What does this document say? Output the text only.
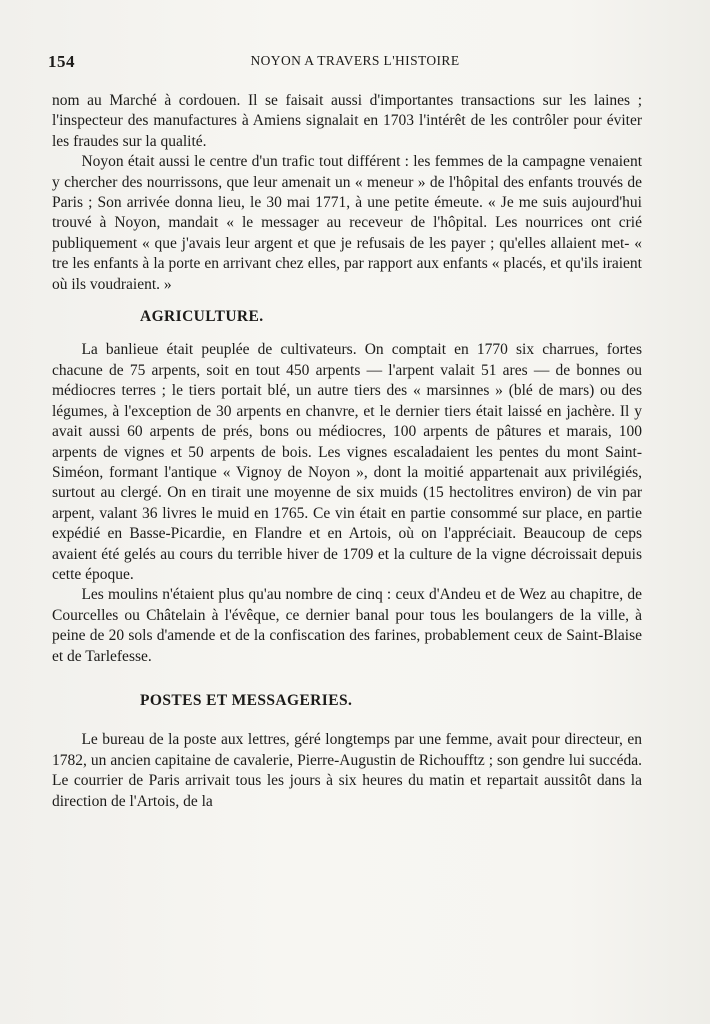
154	NOYON A TRAVERS L'HISTOIRE

nom au Marché à cordouen. Il se faisait aussi d'importantes transactions sur les laines ; l'inspecteur des manufactures à Amiens signalait en 1703 l'intérêt de les contrôler pour éviter les fraudes sur la qualité.

Noyon était aussi le centre d'un trafic tout différent : les femmes de la campagne venaient y chercher des nourrissons, que leur amenait un « meneur » de l'hôpital des enfants trouvés de Paris ; Son arrivée donna lieu, le 30 mai 1771, à une petite émeute. « Je me suis aujourd'hui trouvé à Noyon, mandait « le messager au receveur de l'hôpital. Les nourrices ont crié publiquement « que j'avais leur argent et que je refusais de les payer ; qu'elles allaient met- « tre les enfants à la porte en arrivant chez elles, par rapport aux enfants « placés, et qu'ils iraient où ils voudraient. »

AGRICULTURE.

La banlieue était peuplée de cultivateurs. On comptait en 1770 six charrues, fortes chacune de 75 arpents, soit en tout 450 arpents — l'arpent valait 51 ares — de bonnes ou médiocres terres ; le tiers portait blé, un autre tiers des « marsinnes » (blé de mars) ou des légumes, à l'exception de 30 arpents en chanvre, et le dernier tiers était laissé en jachère. Il y avait aussi 60 arpents de prés, bons ou médiocres, 100 arpents de pâtures et marais, 100 arpents de vignes et 50 arpents de bois. Les vignes escaladaient les pentes du mont Saint-Siméon, formant l'antique « Vignoy de Noyon », dont la moitié appartenait aux privilégiés, surtout au clergé. On en tirait une moyenne de six muids (15 hectolitres environ) de vin par arpent, valant 36 livres le muid en 1765. Ce vin était en partie consommé sur place, en partie expédié en Basse-Picardie, en Flandre et en Artois, où on l'appréciait. Beaucoup de ceps avaient été gelés au cours du terrible hiver de 1709 et la culture de la vigne décroissait depuis cette époque.

Les moulins n'étaient plus qu'au nombre de cinq : ceux d'Andeu et de Wez au chapitre, de Courcelles ou Châtelain à l'évêque, ce dernier banal pour tous les boulangers de la ville, à peine de 20 sols d'amende et de la confiscation des farines, probablement ceux de Saint-Blaise et de Tarlefesse.

POSTES ET MESSAGERIES.

Le bureau de la poste aux lettres, géré longtemps par une femme, avait pour directeur, en 1782, un ancien capitaine de cavalerie, Pierre-Augustin de Richoufftz ; son gendre lui succéda. Le courrier de Paris arrivait tous les jours à six heures du matin et repartait aussitôt dans la direction de l'Artois, de la
